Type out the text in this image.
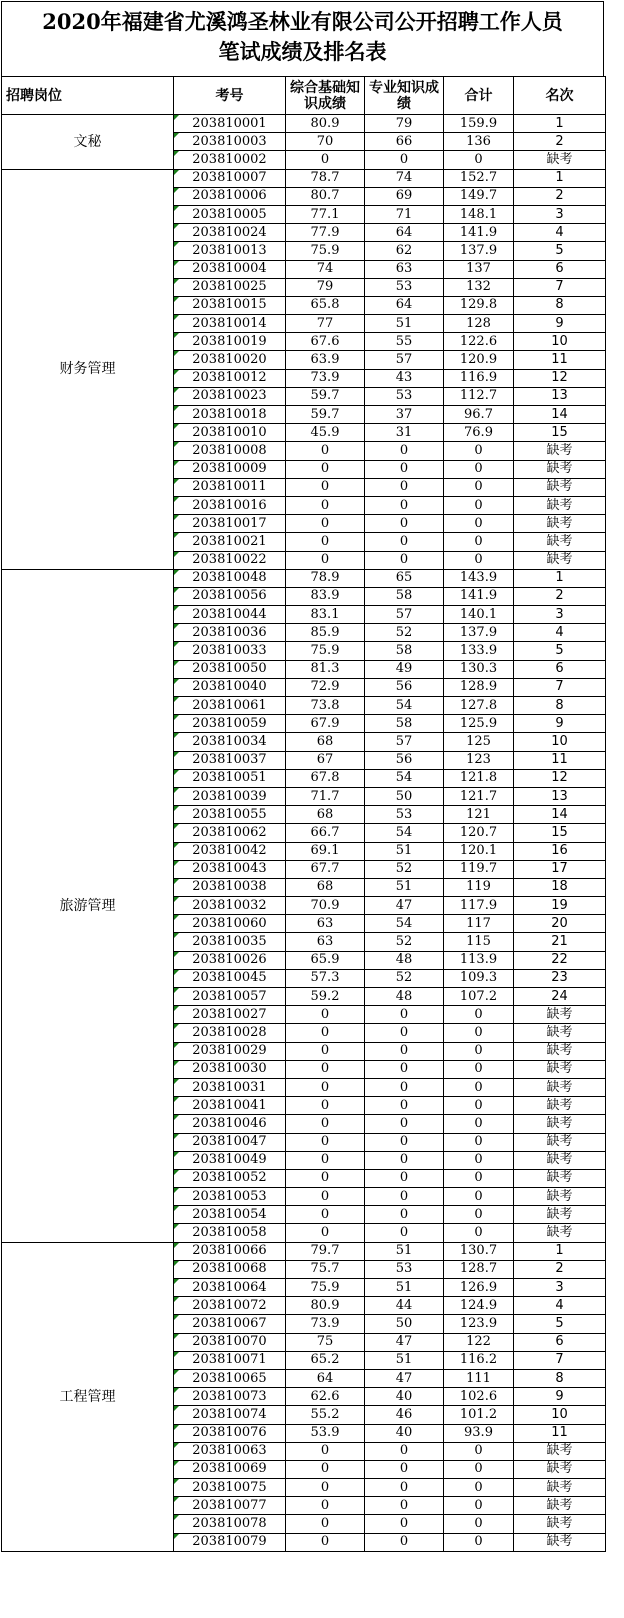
2020年福建省尤溪鸿圣林业有限公司公开招聘工作人员
笔试成绩及排名表
招聘岗位	考号	综合基础知识成绩	专业知识成绩	合计	名次
文秘	203810001	80.9	79	159.9	1
	203810003	70	66	136	2
	203810002	0	0	0	缺考
财务管理	203810007	78.7	74	152.7	1
	203810006	80.7	69	149.7	2
	203810005	77.1	71	148.1	3
	203810024	77.9	64	141.9	4
	203810013	75.9	62	137.9	5
	203810004	74	63	137	6
	203810025	79	53	132	7
	203810015	65.8	64	129.8	8
	203810014	77	51	128	9
	203810019	67.6	55	122.6	10
	203810020	63.9	57	120.9	11
	203810012	73.9	43	116.9	12
	203810023	59.7	53	112.7	13
	203810018	59.7	37	96.7	14
	203810010	45.9	31	76.9	15
	203810008	0	0	0	缺考
	203810009	0	0	0	缺考
	203810011	0	0	0	缺考
	203810016	0	0	0	缺考
	203810017	0	0	0	缺考
	203810021	0	0	0	缺考
	203810022	0	0	0	缺考
旅游管理	203810048	78.9	65	143.9	1
	203810056	83.9	58	141.9	2
	203810044	83.1	57	140.1	3
	203810036	85.9	52	137.9	4
	203810033	75.9	58	133.9	5
	203810050	81.3	49	130.3	6
	203810040	72.9	56	128.9	7
	203810061	73.8	54	127.8	8
	203810059	67.9	58	125.9	9
	203810034	68	57	125	10
	203810037	67	56	123	11
	203810051	67.8	54	121.8	12
	203810039	71.7	50	121.7	13
	203810055	68	53	121	14
	203810062	66.7	54	120.7	15
	203810042	69.1	51	120.1	16
	203810043	67.7	52	119.7	17
	203810038	68	51	119	18
	203810032	70.9	47	117.9	19
	203810060	63	54	117	20
	203810035	63	52	115	21
	203810026	65.9	48	113.9	22
	203810045	57.3	52	109.3	23
	203810057	59.2	48	107.2	24
	203810027	0	0	0	缺考
	203810028	0	0	0	缺考
	203810029	0	0	0	缺考
	203810030	0	0	0	缺考
	203810031	0	0	0	缺考
	203810041	0	0	0	缺考
	203810046	0	0	0	缺考
	203810047	0	0	0	缺考
	203810049	0	0	0	缺考
	203810052	0	0	0	缺考
	203810053	0	0	0	缺考
	203810054	0	0	0	缺考
	203810058	0	0	0	缺考
工程管理	203810066	79.7	51	130.7	1
	203810068	75.7	53	128.7	2
	203810064	75.9	51	126.9	3
	203810072	80.9	44	124.9	4
	203810067	73.9	50	123.9	5
	203810070	75	47	122	6
	203810071	65.2	51	116.2	7
	203810065	64	47	111	8
	203810073	62.6	40	102.6	9
	203810074	55.2	46	101.2	10
	203810076	53.9	40	93.9	11
	203810063	0	0	0	缺考
	203810069	0	0	0	缺考
	203810075	0	0	0	缺考
	203810077	0	0	0	缺考
	203810078	0	0	0	缺考
	203810079	0	0	0	缺考
